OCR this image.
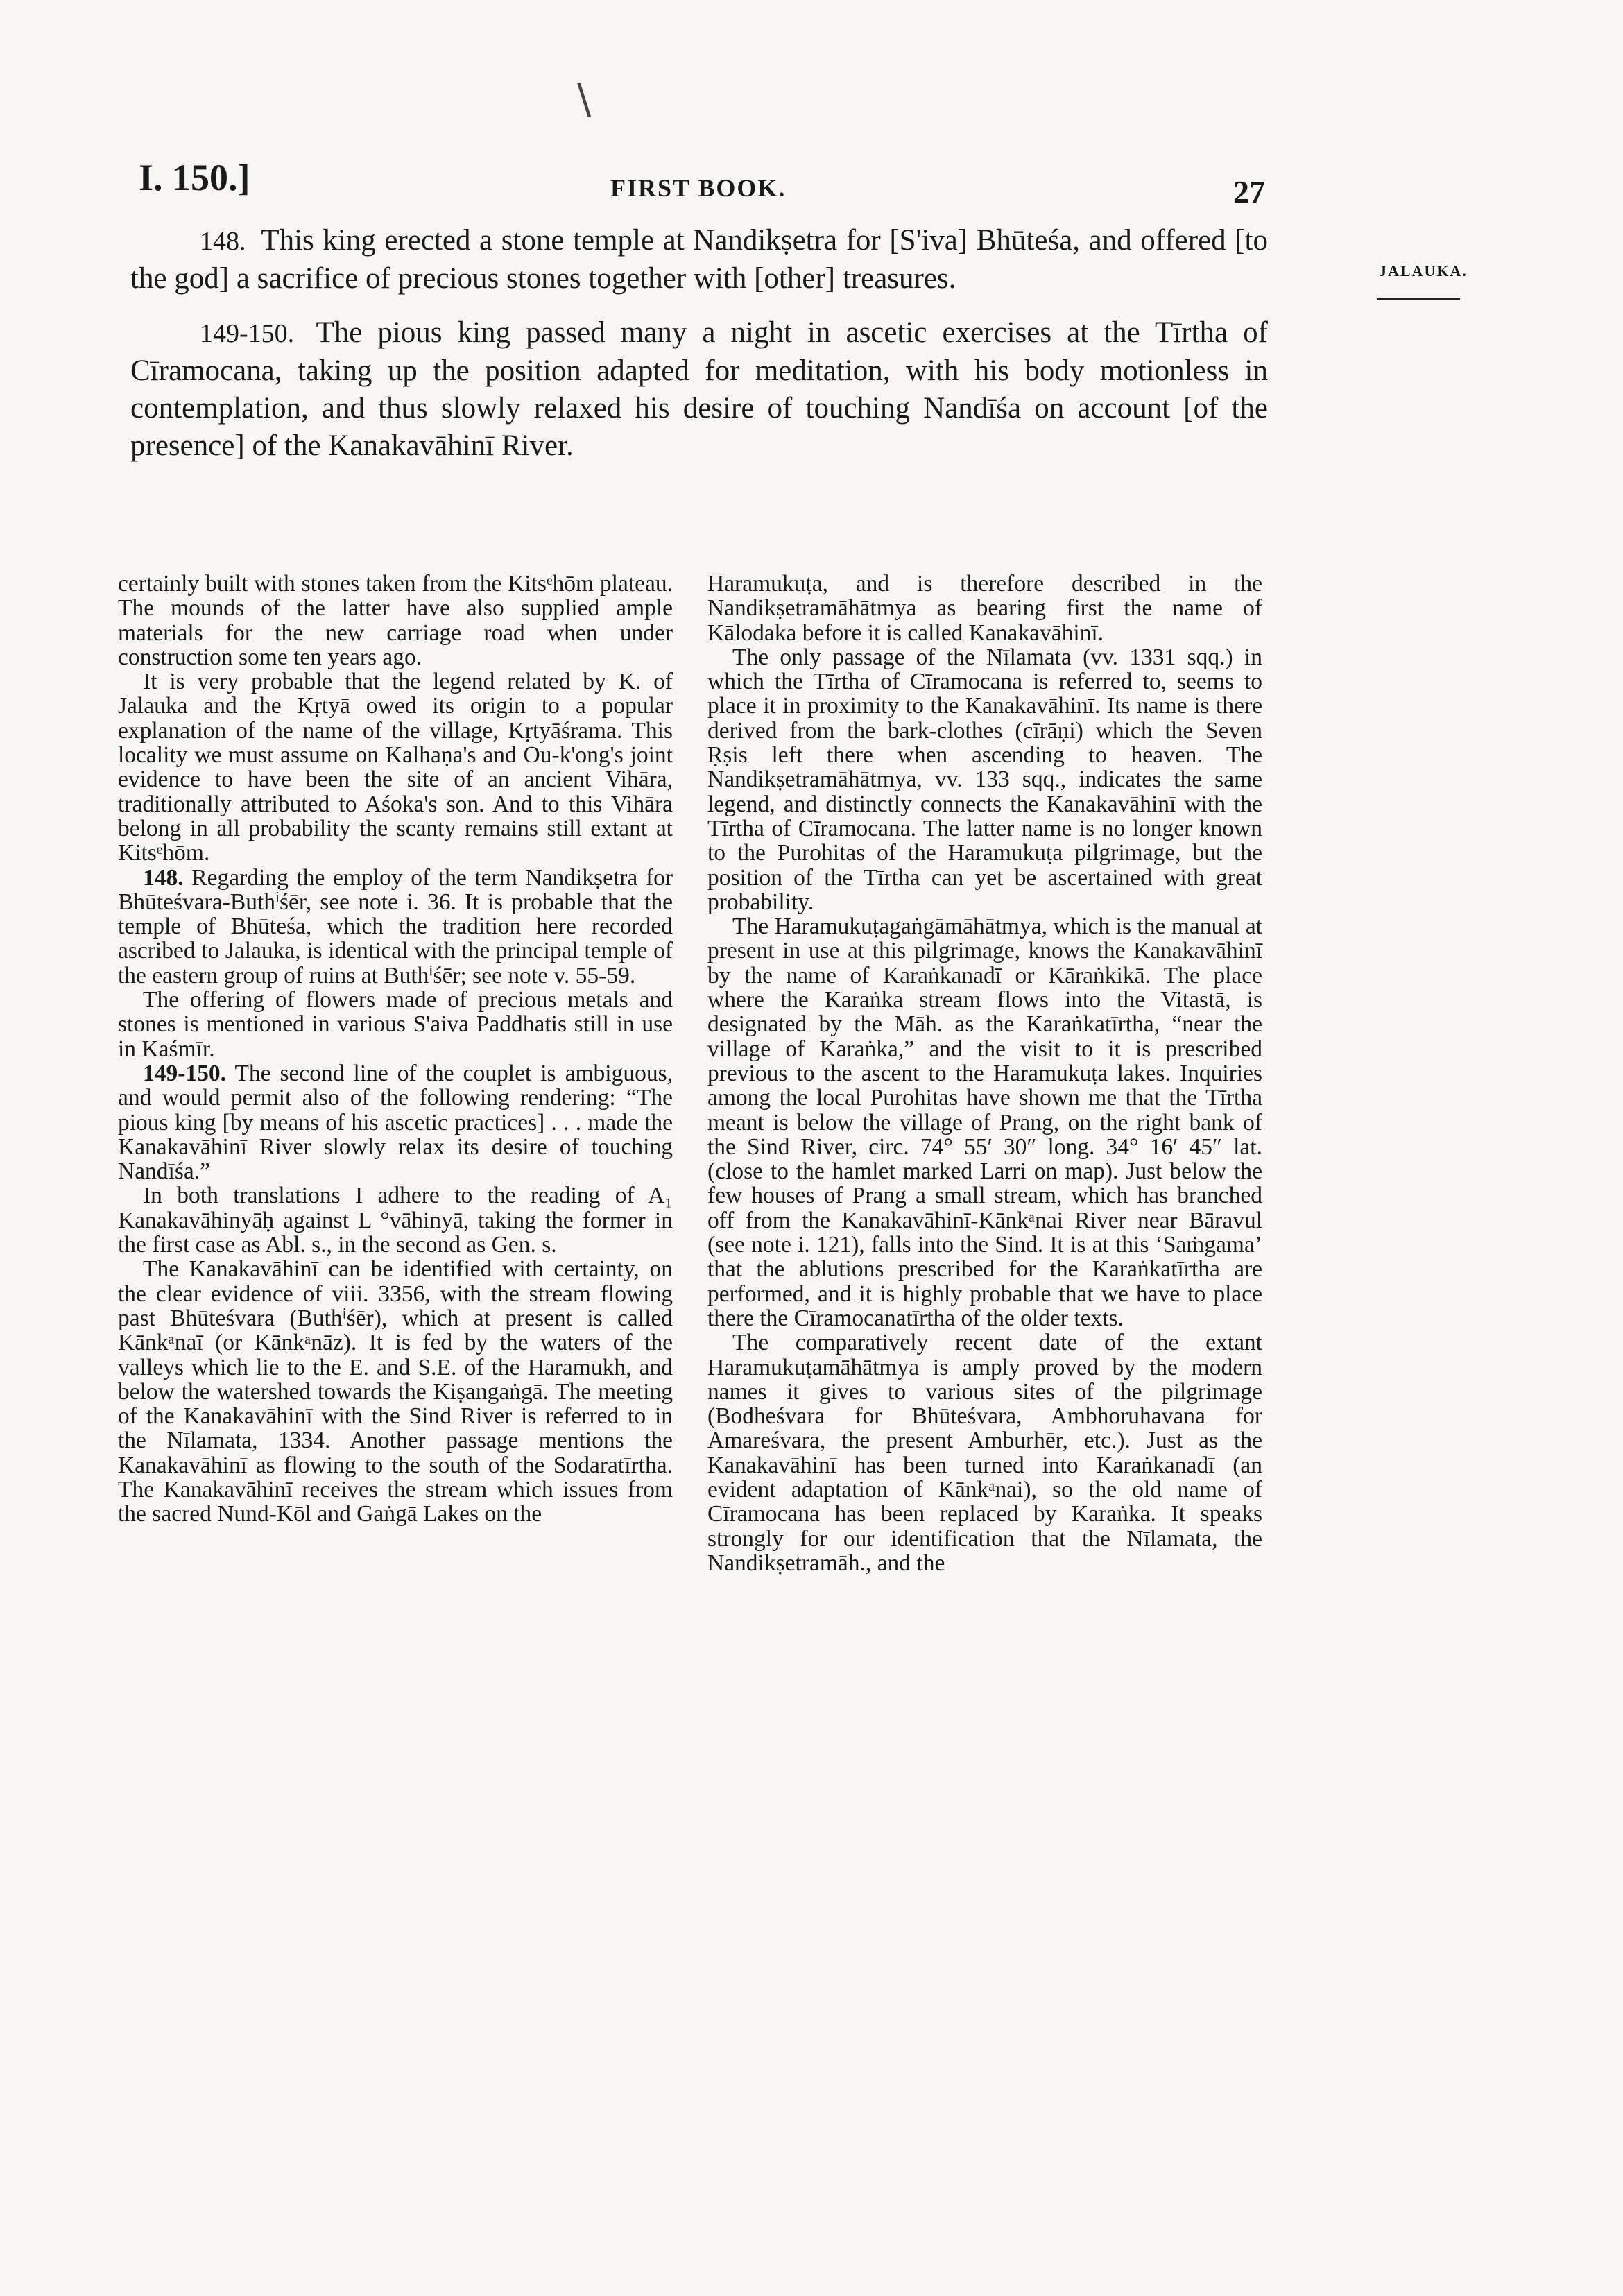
\
I. 150.]	FIRST BOOK.	27
JALAUKA.

148. This king erected a stone temple at Nandikṣetra for [S'iva] Bhūteśa, and offered [to the god] a sacrifice of precious stones together with [other] treasures.

149-150. The pious king passed many a night in ascetic exercises at the Tīrtha of Cīramocana, taking up the position adapted for meditation, with his body motionless in contemplation, and thus slowly relaxed his desire of touching Nandīśa on account [of the presence] of the Kanakavāhinī River.

certainly built with stones taken from the Kitsᵉhōm plateau. The mounds of the latter have also supplied ample materials for the new carriage road when under construction some ten years ago.

It is very probable that the legend related by K. of Jalauka and the Kṛtyā owed its origin to a popular explanation of the name of the village, Kṛtyāśrama. This locality we must assume on Kalhaṇa's and Ou-k'ong's joint evidence to have been the site of an ancient Vihāra, traditionally attributed to Aśoka's son. And to this Vihāra belong in all probability the scanty remains still extant at Kitsᵉhōm.

148. Regarding the employ of the term Nandikṣetra for Bhūteśvara-Buthⁱśēr, see note i. 36. It is probable that the temple of Bhūteśa, which the tradition here recorded ascribed to Jalauka, is identical with the principal temple of the eastern group of ruins at Buthⁱśēr; see note v. 55-59.

The offering of flowers made of precious metals and stones is mentioned in various S'aiva Paddhatis still in use in Kaśmīr.

149-150. The second line of the couplet is ambiguous, and would permit also of the following rendering: “The pious king [by means of his ascetic practices] . . . made the Kanakavāhinī River slowly relax its desire of touching Nandīśa.”

In both translations I adhere to the reading of A₁ Kanakavāhinyāḥ against L °vāhinyā, taking the former in the first case as Abl. s., in the second as Gen. s.

The Kanakavāhinī can be identified with certainty, on the clear evidence of viii. 3356, with the stream flowing past Bhūteśvara (Buthⁱśēr), which at present is called Kānkᵃnaī (or Kānkᵃnāz). It is fed by the waters of the valleys which lie to the E. and S.E. of the Haramukh, and below the watershed towards the Kiṣangaṅgā. The meeting of the Kanakavāhinī with the Sind River is referred to in the Nīlamata, 1334. Another passage mentions the Kanakavāhinī as flowing to the south of the Sodaratīrtha. The Kanakavāhinī receives the stream which issues from the sacred Nund-Kōl and Gaṅgā Lakes on the

Haramukuṭa, and is therefore described in the Nandikṣetramāhātmya as bearing first the name of Kālodaka before it is called Kanakavāhinī.

The only passage of the Nīlamata (vv. 1331 sqq.) in which the Tīrtha of Cīramocana is referred to, seems to place it in proximity to the Kanakavāhinī. Its name is there derived from the bark-clothes (cīrāṇi) which the Seven Ṛṣis left there when ascending to heaven. The Nandikṣetramāhātmya, vv. 133 sqq., indicates the same legend, and distinctly connects the Kanakavāhinī with the Tīrtha of Cīramocana. The latter name is no longer known to the Purohitas of the Haramukuṭa pilgrimage, but the position of the Tīrtha can yet be ascertained with great probability.

The Haramukuṭagaṅgāmāhātmya, which is the manual at present in use at this pilgrimage, knows the Kanakavāhinī by the name of Karaṅkanadī or Kāraṅkikā. The place where the Karaṅka stream flows into the Vitastā, is designated by the Māh. as the Karaṅkatīrtha, “near the village of Karaṅka,” and the visit to it is prescribed previous to the ascent to the Haramukuṭa lakes. Inquiries among the local Purohitas have shown me that the Tīrtha meant is below the village of Prang, on the right bank of the Sind River, circ. 74° 55′ 30″ long. 34° 16′ 45″ lat. (close to the hamlet marked Larri on map). Just below the few houses of Prang a small stream, which has branched off from the Kanakavāhinī-Kānkᵃnai River near Bāravul (see note i. 121), falls into the Sind. It is at this ‘Saṁgama’ that the ablutions prescribed for the Karaṅkatīrtha are performed, and it is highly probable that we have to place there the Cīramocanatīrtha of the older texts.

The comparatively recent date of the extant Haramukuṭamāhātmya is amply proved by the modern names it gives to various sites of the pilgrimage (Bodheśvara for Bhūteśvara, Ambhoruhavana for Amareśvara, the present Amburhēr, etc.). Just as the Kanakavāhinī has been turned into Karaṅkanadī (an evident adaptation of Kānkᵃnai), so the old name of Cīramocana has been replaced by Karaṅka. It speaks strongly for our identification that the Nīlamata, the Nandikṣetramāh., and the
